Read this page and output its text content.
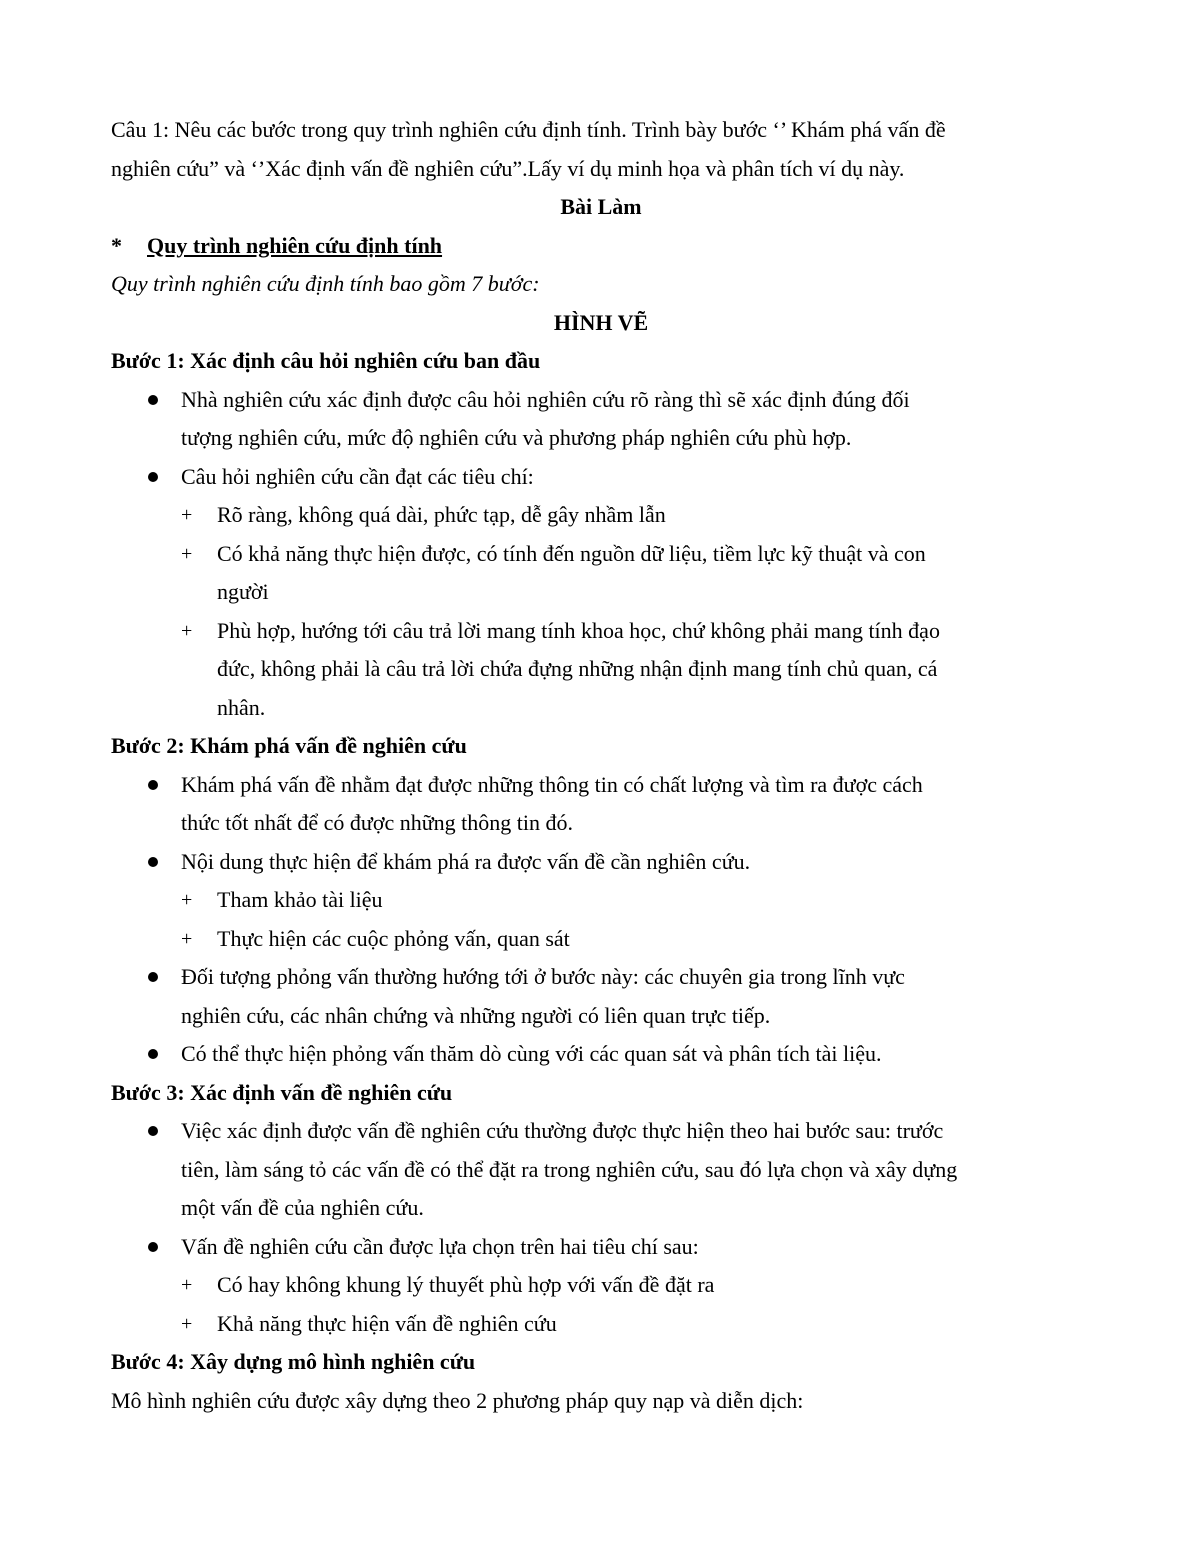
Câu 1: Nêu các bước trong quy trình nghiên cứu định tính. Trình bày bước ‘’ Khám phá vấn đề

nghiên cứu” và ‘’Xác định vấn đề nghiên cứu”.Lấy ví dụ minh họa và phân tích ví dụ này.

Bài Làm

*	Quy trình nghiên cứu định tính

Quy trình nghiên cứu định tính bao gồm 7 bước:

HÌNH VẼ

Bước 1: Xác định câu hỏi nghiên cứu ban đầu

Nhà nghiên cứu xác định được câu hỏi nghiên cứu rõ ràng thì sẽ xác định đúng đối
tượng nghiên cứu, mức độ nghiên cứu và phương pháp nghiên cứu phù hợp.
Câu hỏi nghiên cứu cần đạt các tiêu chí:
+ Rõ ràng, không quá dài, phức tạp, dễ gây nhầm lẫn
+ Có khả năng thực hiện được, có tính đến nguồn dữ liệu, tiềm lực kỹ thuật và con
người
+ Phù hợp, hướng tới câu trả lời mang tính khoa học, chứ không phải mang tính đạo
đức, không phải là câu trả lời chứa đựng những nhận định mang tính chủ quan, cá
nhân.

Bước 2: Khám phá vấn đề nghiên cứu

Khám phá vấn đề nhằm đạt được những thông tin có chất lượng và tìm ra được cách
thức tốt nhất để có được những thông tin đó.
Nội dung thực hiện để khám phá ra được vấn đề cần nghiên cứu.
+ Tham khảo tài liệu
+ Thực hiện các cuộc phỏng vấn, quan sát
Đối tượng phỏng vấn thường hướng tới ở bước này: các chuyên gia trong lĩnh vực
nghiên cứu, các nhân chứng và những người có liên quan trực tiếp.
Có thể thực hiện phỏng vấn thăm dò cùng với các quan sát và phân tích tài liệu.

Bước 3: Xác định vấn đề nghiên cứu

Việc xác định được vấn đề nghiên cứu thường được thực hiện theo hai bước sau: trước
tiên, làm sáng tỏ các vấn đề có thể đặt ra trong nghiên cứu, sau đó lựa chọn và xây dựng
một vấn đề của nghiên cứu.
Vấn đề nghiên cứu cần được lựa chọn trên hai tiêu chí sau:
+ Có hay không khung lý thuyết phù hợp với vấn đề đặt ra
+ Khả năng thực hiện vấn đề nghiên cứu

Bước 4: Xây dựng mô hình nghiên cứu

Mô hình nghiên cứu được xây dựng theo 2 phương pháp quy nạp và diễn dịch:
